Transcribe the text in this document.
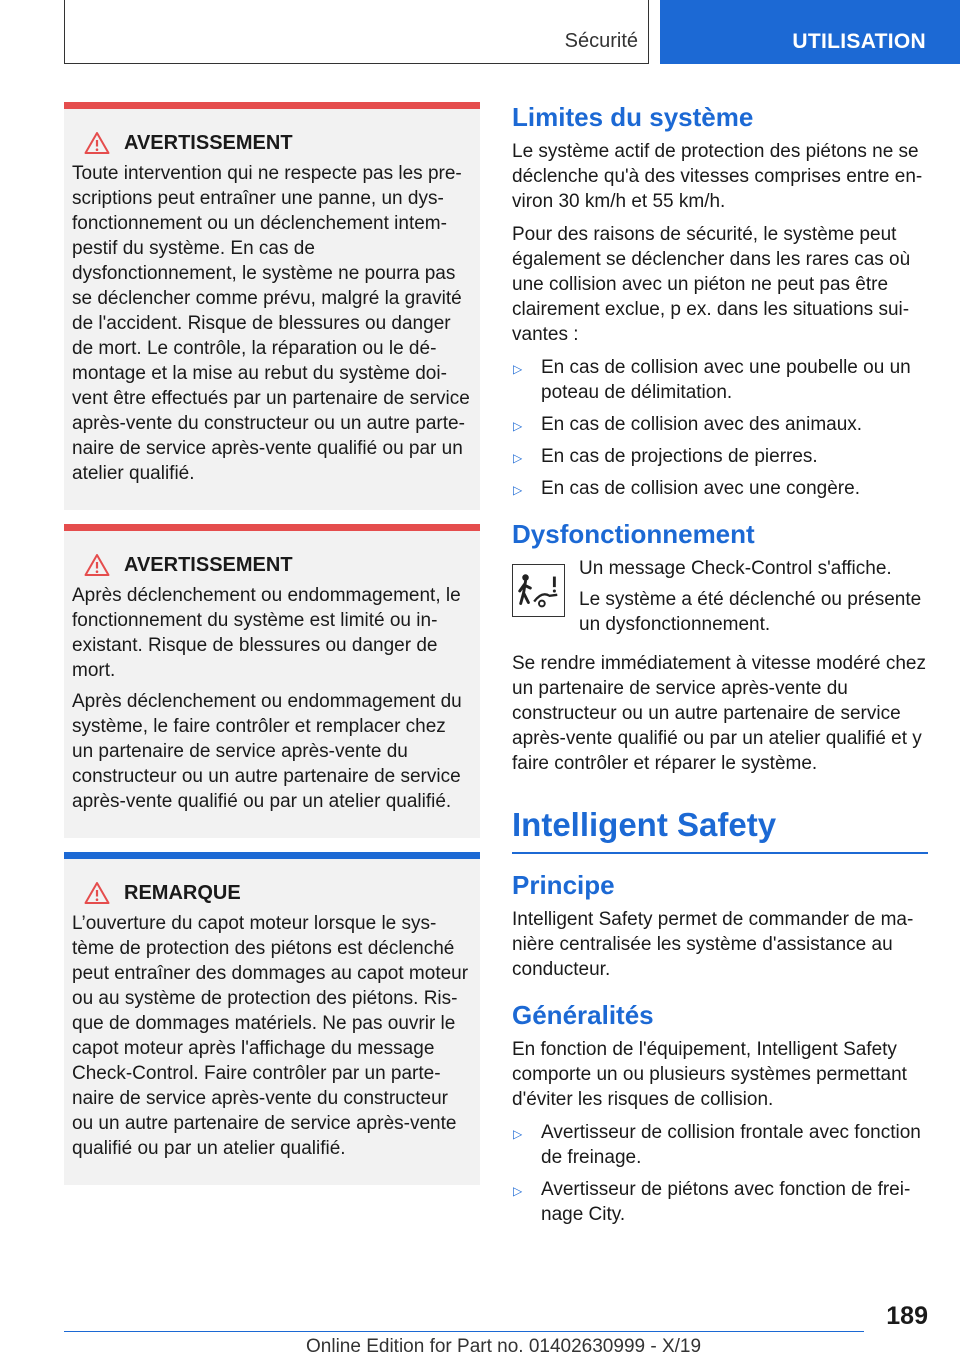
Sécurité	UTILISATION
AVERTISSEMENT

Toute intervention qui ne respecte pas les prescriptions peut entraîner une panne, un dysfonctionnement ou un déclenchement intempestif du système. En cas de dysfonctionnement, le système ne pourra pas se déclencher comme prévu, malgré la gravité de l'accident. Risque de blessures ou danger de mort. Le contrôle, la réparation ou le démontage et la mise au rebut du système doivent être effectués par un partenaire de service après-vente du constructeur ou un autre partenaire de service après-vente qualifié ou par un atelier qualifié.

AVERTISSEMENT

Après déclenchement ou endommagement, le fonctionnement du système est limité ou inexistant. Risque de blessures ou danger de mort.

Après déclenchement ou endommagement du système, le faire contrôler et remplacer chez un partenaire de service après-vente du constructeur ou un autre partenaire de service après-vente qualifié ou par un atelier qualifié.

REMARQUE

L’ouverture du capot moteur lorsque le système de protection des piétons est déclenché peut entraîner des dommages au capot moteur ou au système de protection des piétons. Risque de dommages matériels. Ne pas ouvrir le capot moteur après l'affichage du message Check-Control. Faire contrôler par un partenaire de service après-vente du constructeur ou un autre partenaire de service après-vente qualifié ou par un atelier qualifié.

Limites du système

Le système actif de protection des piétons ne se déclenche qu'à des vitesses comprises entre environ 30 km/h et 55 km/h.

Pour des raisons de sécurité, le système peut également se déclencher dans les rares cas où une collision avec un piéton ne peut pas être clairement exclue, p ex. dans les situations suivantes :

▷ En cas de collision avec une poubelle ou un poteau de délimitation.
▷ En cas de collision avec des animaux.
▷ En cas de projections de pierres.
▷ En cas de collision avec une congère.
Dysfonctionnement

Un message Check-Control s'affiche.

Le système a été déclenché ou présente un dysfonctionnement.

Se rendre immédiatement à vitesse modéré chez un partenaire de service après-vente du constructeur ou un autre partenaire de service après-vente qualifié ou par un atelier qualifié et y faire contrôler et réparer le système.

Intelligent Safety
Principe

Intelligent Safety permet de commander de manière centralisée les système d'assistance au conducteur.

Généralités

En fonction de l'équipement, Intelligent Safety comporte un ou plusieurs systèmes permettant d'éviter les risques de collision.

▷ Avertisseur de collision frontale avec fonction de freinage.
▷ Avertisseur de piétons avec fonction de freinage City.
189
Online Edition for Part no. 01402630999 - X/19
